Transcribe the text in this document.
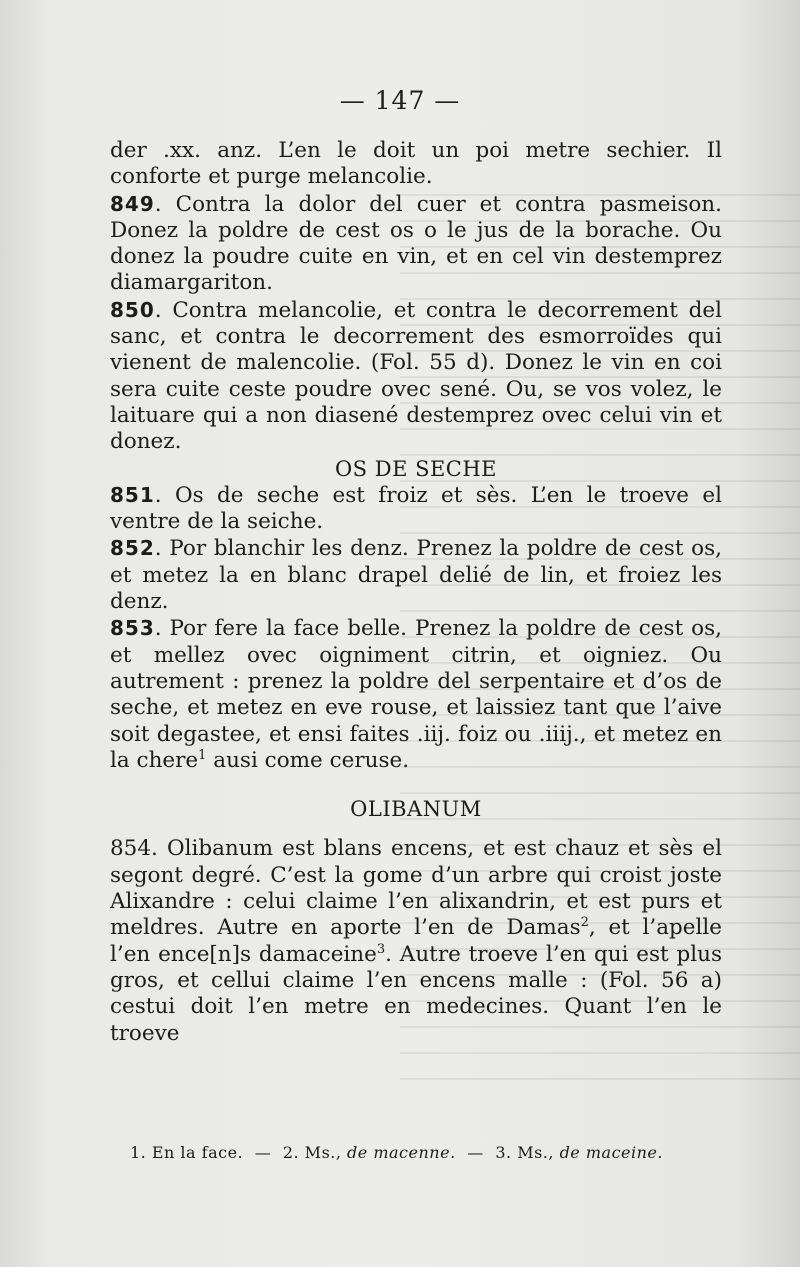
— 147 —

der .xx. anz. L’en le doit un poi metre sechier. Il conforte et purge melancolie.

849. Contra la dolor del cuer et contra pasmeison. Donez la poldre de cest os o le jus de la borache. Ou donez la poudre cuite en vin, et en cel vin destemprez diamargariton.

850. Contra melancolie, et contra le decorrement del sanc, et contra le decorrement des esmorroïdes qui vienent de malencolie. (Fol. 55 d). Donez le vin en coi sera cuite ceste poudre ovec sené. Ou, se vos volez, le laituare qui a non diasené destemprez ovec celui vin et donez.

OS DE SECHE

851. Os de seche est froiz et sès. L’en le troeve el ventre de la seiche.

852. Por blanchir les denz. Prenez la poldre de cest os, et metez la en blanc drapel delié de lin, et froiez les denz.

853. Por fere la face belle. Prenez la poldre de cest os, et mellez ovec oigniment citrin, et oigniez. Ou autrement : prenez la poldre del serpentaire et d’os de seche, et metez en eve rouse, et laissiez tant que l’aive soit degastee, et ensi faites .iij. foiz ou .iiij., et metez en la chere$^1$ ausi come ceruse.

OLIBANUM

854. Olibanum est blans encens, et est chauz et sès el segont degré. C’est la gome d’un arbre qui croist joste Alixandre : celui claime l’en alixandrin, et est purs et meldres. Autre en aporte l’en de Damas$^2$, et l’apelle l’en ence[n]s damaceine$^3$. Autre troeve l’en qui est plus gros, et cellui claime l’en encens malle : (Fol. 56 a) cestui doit l’en metre en medecines. Quant l’en le troeve

1. En la face. — 2. Ms., de macenne. — 3. Ms., de maceine.
